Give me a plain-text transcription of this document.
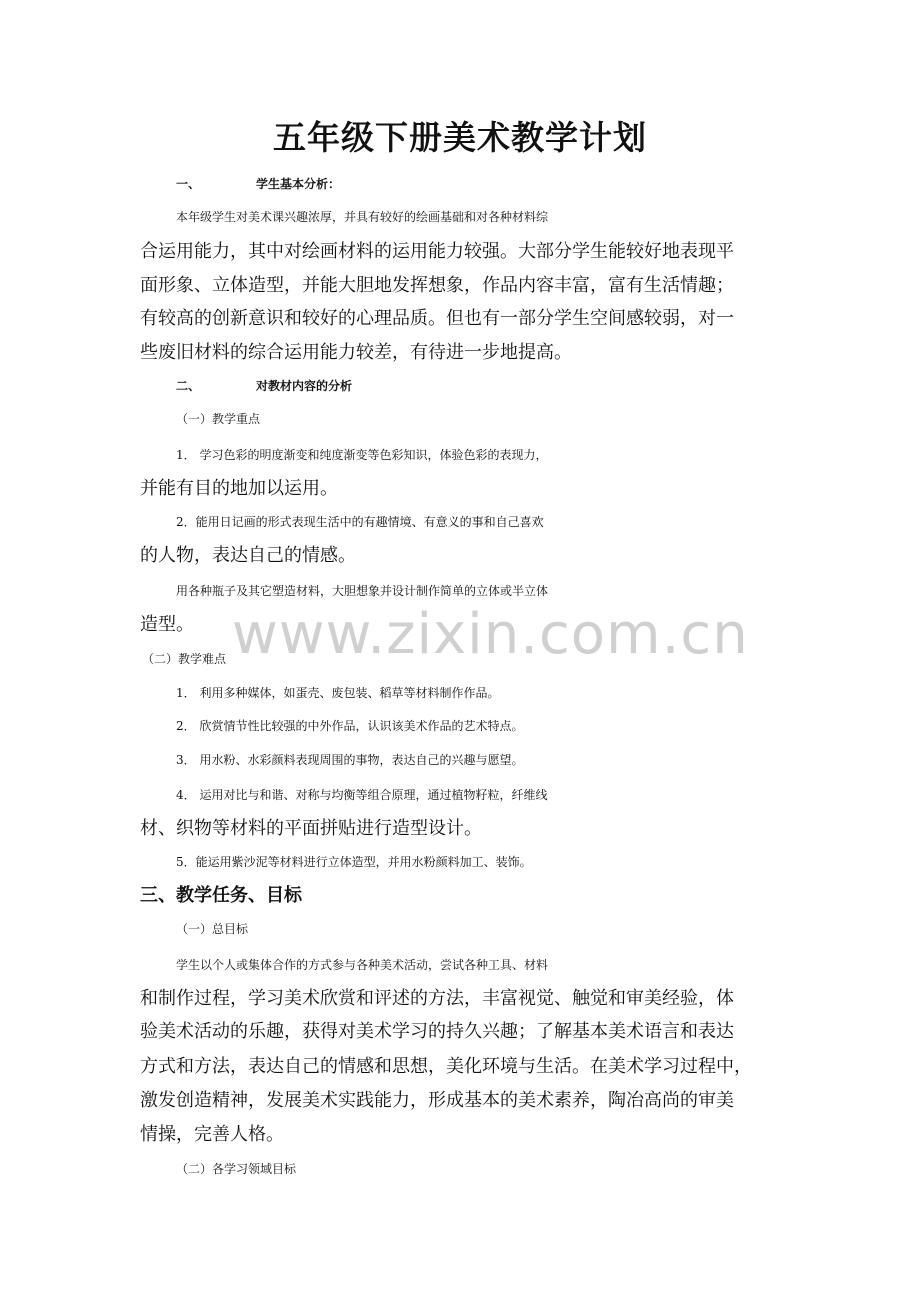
www.zixin.com.cn
五年级下册美术教学计划

一、	学生基本分析：

本年级学生对美术课兴趣浓厚，并具有较好的绘画基础和对各种材料综

合运用能力，其中对绘画材料的运用能力较强。大部分学生能较好地表现平

面形象、立体造型，并能大胆地发挥想象，作品内容丰富，富有生活情趣；

有较高的创新意识和较好的心理品质。但也有一部分学生空间感较弱，对一

些废旧材料的综合运用能力较差，有待进一步地提高。

二、	对教材内容的分析

（一）教学重点

1． 学习色彩的明度渐变和纯度渐变等色彩知识，体验色彩的表现力，

并能有目的地加以运用。

2．能用日记画的形式表现生活中的有趣情境、有意义的事和自己喜欢

的人物，表达自己的情感。

用各种瓶子及其它塑造材料，大胆想象并设计制作简单的立体或半立体

造型。

（二）教学难点

1． 利用多种媒体，如蛋壳、废包装、稻草等材料制作作品。

2． 欣赏情节性比较强的中外作品，认识该美术作品的艺术特点。

3． 用水粉、水彩颜料表现周围的事物，表达自己的兴趣与愿望。

4． 运用对比与和谐、对称与均衡等组合原理，通过植物籽粒，纤维线

材、织物等材料的平面拼贴进行造型设计。

5．能运用紫沙泥等材料进行立体造型，并用水粉颜料加工、装饰。

三、教学任务、目标

（一）总目标

学生以个人或集体合作的方式参与各种美术活动，尝试各种工具、材料

和制作过程，学习美术欣赏和评述的方法，丰富视觉、触觉和审美经验，体

验美术活动的乐趣，获得对美术学习的持久兴趣；了解基本美术语言和表达

方式和方法，表达自己的情感和思想，美化环境与生活。在美术学习过程中，

激发创造精神，发展美术实践能力，形成基本的美术素养，陶冶高尚的审美

情操，完善人格。

（二）各学习领域目标
